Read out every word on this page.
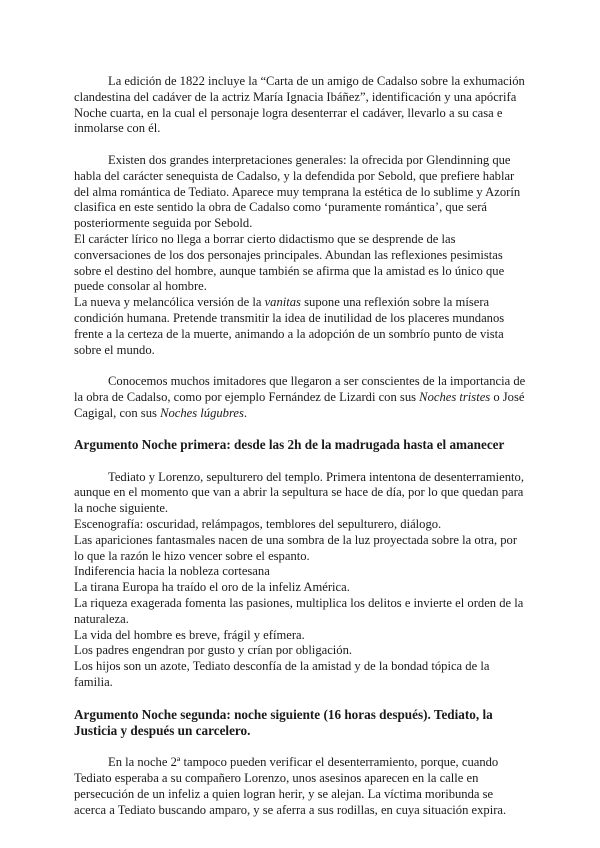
La edición de 1822 incluye la “Carta de un amigo de Cadalso sobre la exhumación clandestina del cadáver de la actriz María Ignacia Ibáñez”, identificación y una apócrifa Noche cuarta, en la cual el personaje logra desenterrar el cadáver, llevarlo a su casa e inmolarse con él.

Existen dos grandes interpretaciones generales: la ofrecida por Glendinning que habla del carácter senequista de Cadalso, y la defendida por Sebold, que prefiere hablar del alma romántica de Tediato. Aparece muy temprana la estética de lo sublime y Azorín clasifica en este sentido la obra de Cadalso como ‘puramente romántica’, que será posteriormente seguida por Sebold.

El carácter lírico no llega a borrar cierto didactismo que se desprende de las conversaciones de los dos personajes principales. Abundan las reflexiones pesimistas sobre el destino del hombre, aunque también se afirma que la amistad es lo único que puede consolar al hombre.

La nueva y melancólica versión de la vanitas supone una reflexión sobre la mísera condición humana. Pretende transmitir la idea de inutilidad de los placeres mundanos frente a la certeza de la muerte, animando a la adopción de un sombrío punto de vista sobre el mundo.

Conocemos muchos imitadores que llegaron a ser conscientes de la importancia de la obra de Cadalso, como por ejemplo Fernández de Lizardi con sus Noches tristes o José Cagigal, con sus Noches lúgubres.

Argumento Noche primera: desde las 2h de la madrugada hasta el amanecer

Tediato y Lorenzo, sepulturero del templo. Primera intentona de desenterramiento, aunque en el momento que van a abrir la sepultura se hace de día, por lo que quedan para la noche siguiente.

Escenografía: oscuridad, relámpagos, temblores del sepulturero, diálogo.

Las apariciones fantasmales nacen de una sombra de la luz proyectada sobre la otra, por lo que la razón le hizo vencer sobre el espanto.

Indiferencia hacia la nobleza cortesana

La tirana Europa ha traído el oro de la infeliz América.

La riqueza exagerada fomenta las pasiones, multiplica los delitos e invierte el orden de la naturaleza.

La vida del hombre es breve, frágil y efímera.

Los padres engendran por gusto y crían por obligación.

Los hijos son un azote, Tediato desconfía de la amistad y de la bondad tópica de la familia.

Argumento Noche segunda: noche siguiente (16 horas después). Tediato, la Justicia y después un carcelero.

En la noche 2ª tampoco pueden verificar el desenterramiento, porque, cuando Tediato esperaba a su compañero Lorenzo, unos asesinos aparecen en la calle en persecución de un infeliz a quien logran herir, y se alejan. La víctima moribunda se acerca a Tediato buscando amparo, y se aferra a sus rodillas, en cuya situación expira.
